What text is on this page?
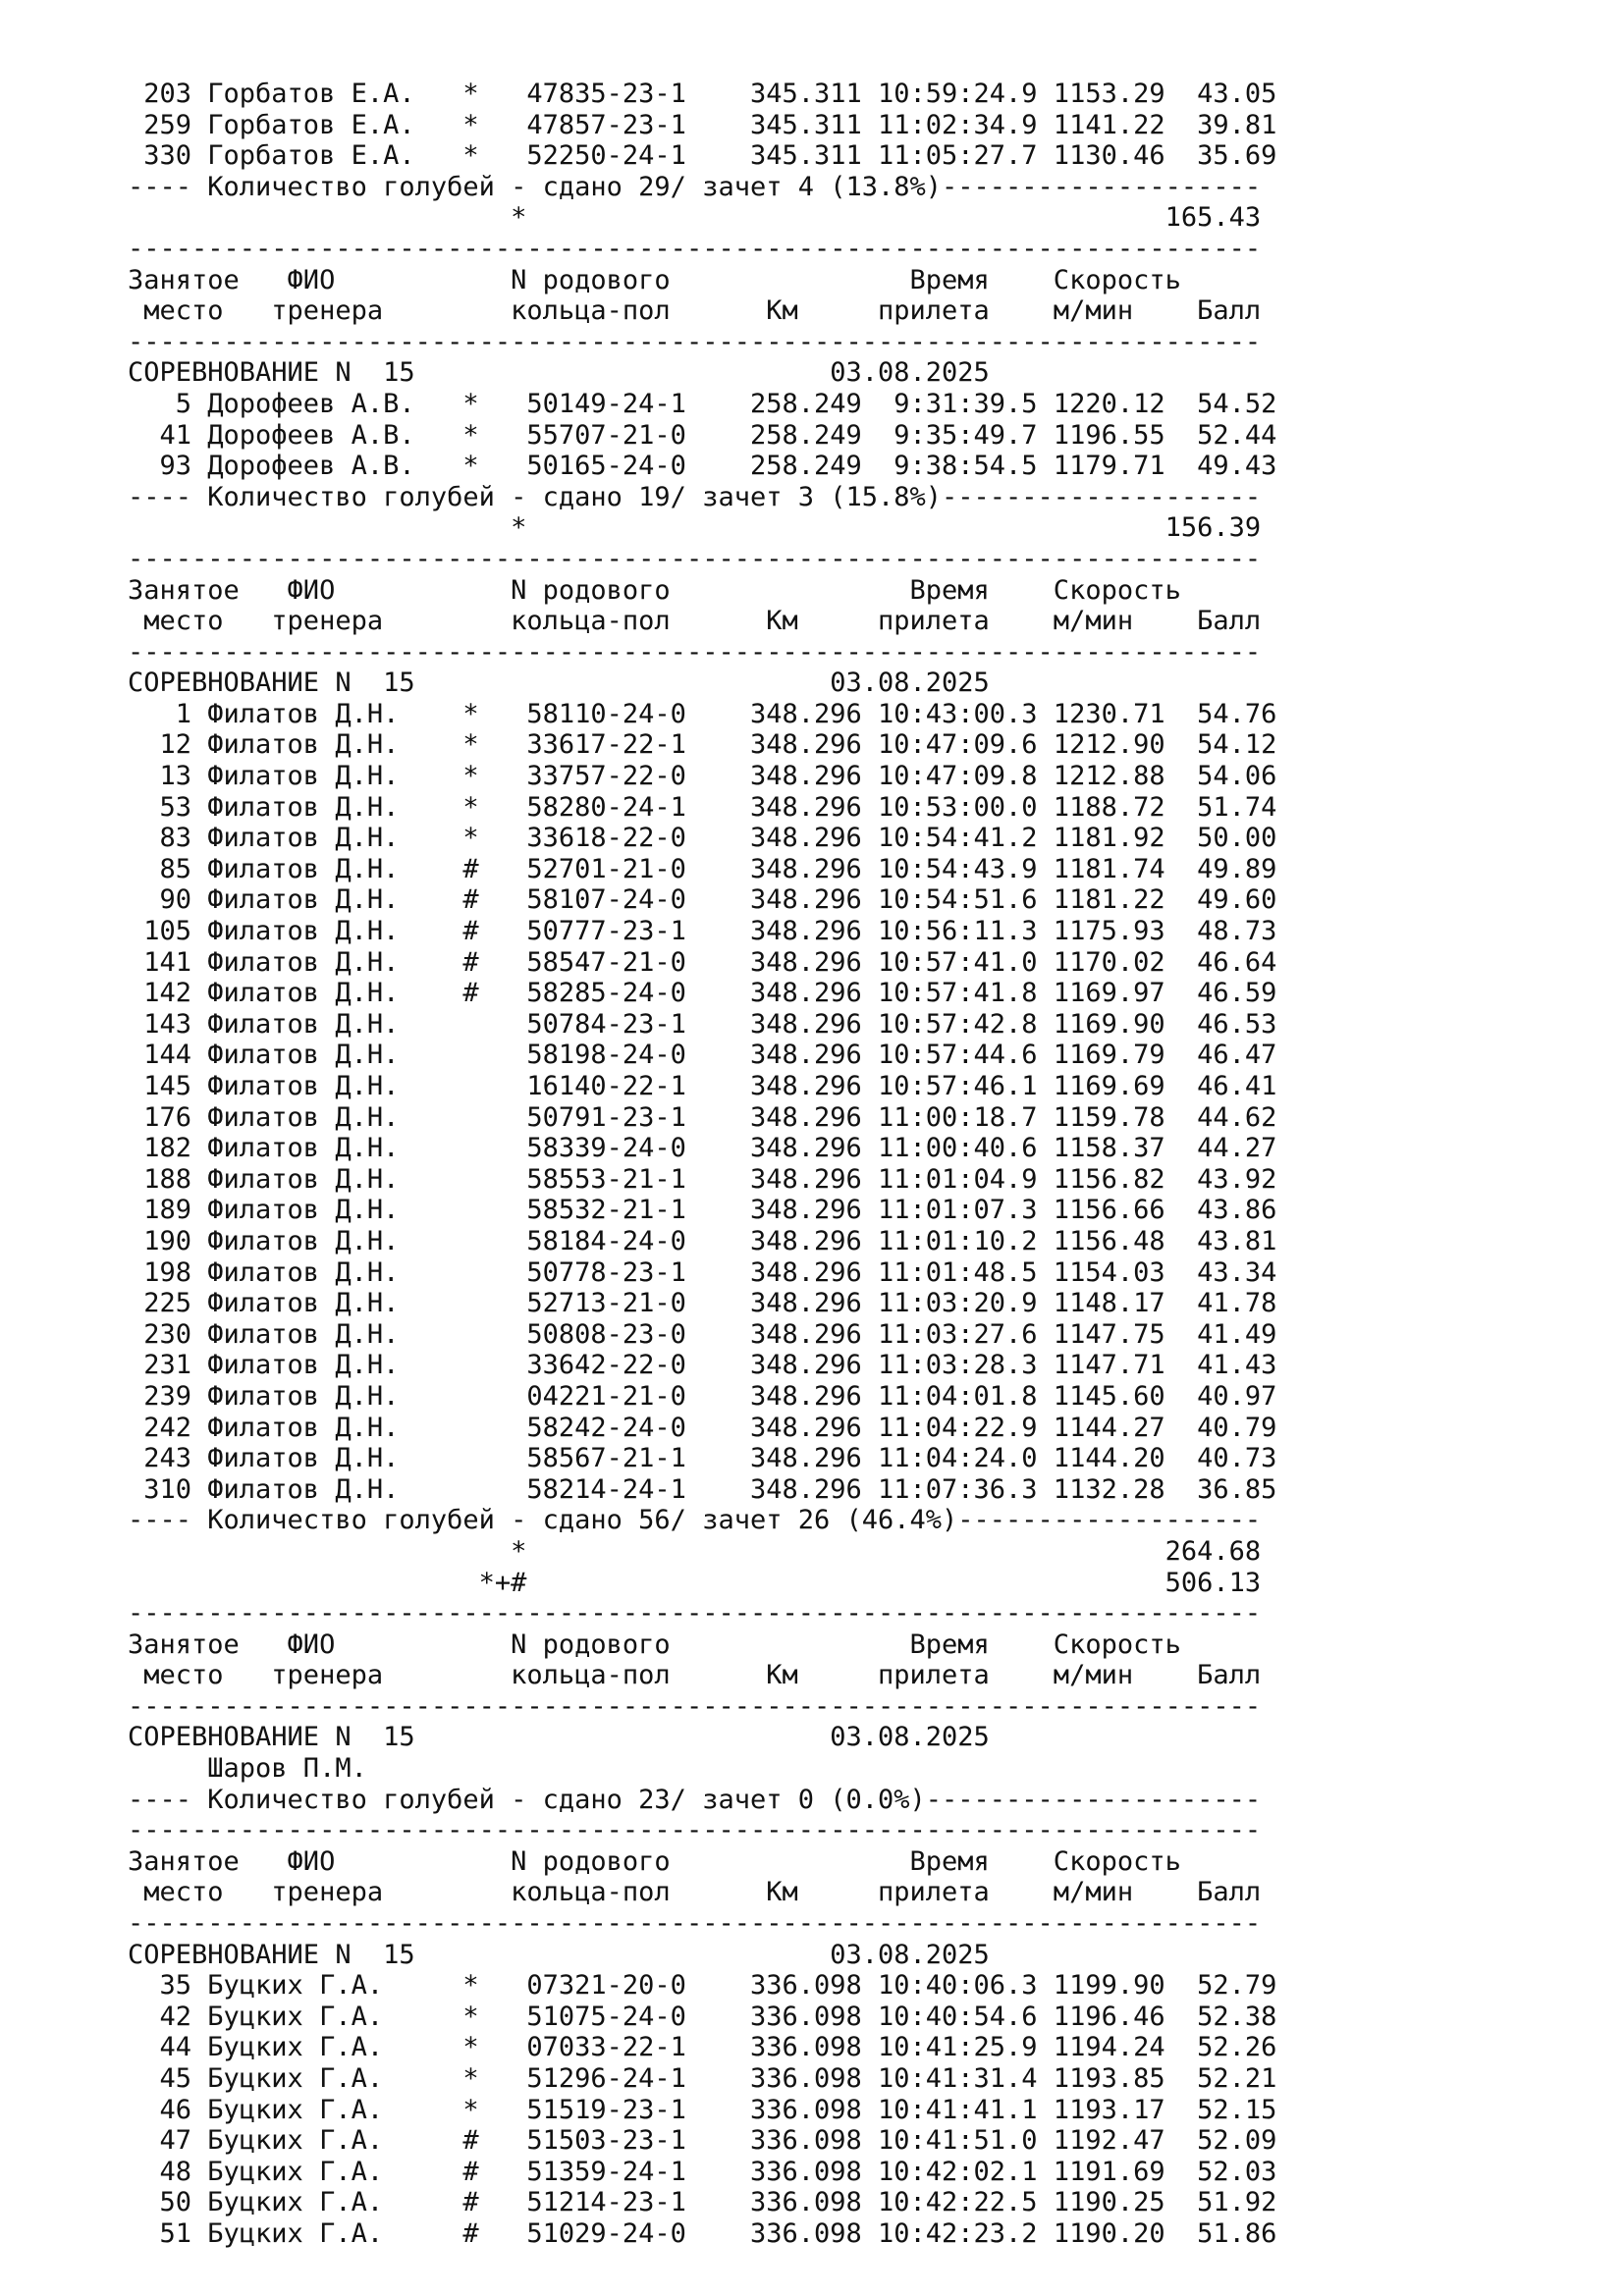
203 Горбатов Е.А.   *   47835-23-1    345.311 10:59:24.9 1153.29  43.05
259 Горбатов Е.А.   *   47857-23-1    345.311 11:02:34.9 1141.22  39.81
330 Горбатов Е.А.   *   52250-24-1    345.311 11:05:27.7 1130.46  35.69
---- Количество голубей - сдано 29/ зачет 4 (13.8%)--------------------
*                                        165.43
-----------------------------------------------------------------------
Занятое   ФИО           N родового               Время    Скорость
место   тренера        кольца-пол      Км     прилета    м/мин    Балл
-----------------------------------------------------------------------
СОРЕВНОВАНИЕ N  15                          03.08.2025
5 Дорофеев А.В.   *   50149-24-1    258.249  9:31:39.5 1220.12  54.52
41 Дорофеев А.В.   *   55707-21-0    258.249  9:35:49.7 1196.55  52.44
93 Дорофеев А.В.   *   50165-24-0    258.249  9:38:54.5 1179.71  49.43
---- Количество голубей - сдано 19/ зачет 3 (15.8%)--------------------
*                                        156.39
-----------------------------------------------------------------------
Занятое   ФИО           N родового               Время    Скорость
место   тренера        кольца-пол      Км     прилета    м/мин    Балл
-----------------------------------------------------------------------
СОРЕВНОВАНИЕ N  15                          03.08.2025
1 Филатов Д.Н.    *   58110-24-0    348.296 10:43:00.3 1230.71  54.76
12 Филатов Д.Н.    *   33617-22-1    348.296 10:47:09.6 1212.90  54.12
13 Филатов Д.Н.    *   33757-22-0    348.296 10:47:09.8 1212.88  54.06
53 Филатов Д.Н.    *   58280-24-1    348.296 10:53:00.0 1188.72  51.74
83 Филатов Д.Н.    *   33618-22-0    348.296 10:54:41.2 1181.92  50.00
85 Филатов Д.Н.    #   52701-21-0    348.296 10:54:43.9 1181.74  49.89
90 Филатов Д.Н.    #   58107-24-0    348.296 10:54:51.6 1181.22  49.60
105 Филатов Д.Н.    #   50777-23-1    348.296 10:56:11.3 1175.93  48.73
141 Филатов Д.Н.    #   58547-21-0    348.296 10:57:41.0 1170.02  46.64
142 Филатов Д.Н.    #   58285-24-0    348.296 10:57:41.8 1169.97  46.59
143 Филатов Д.Н.        50784-23-1    348.296 10:57:42.8 1169.90  46.53
144 Филатов Д.Н.        58198-24-0    348.296 10:57:44.6 1169.79  46.47
145 Филатов Д.Н.        16140-22-1    348.296 10:57:46.1 1169.69  46.41
176 Филатов Д.Н.        50791-23-1    348.296 11:00:18.7 1159.78  44.62
182 Филатов Д.Н.        58339-24-0    348.296 11:00:40.6 1158.37  44.27
188 Филатов Д.Н.        58553-21-1    348.296 11:01:04.9 1156.82  43.92
189 Филатов Д.Н.        58532-21-1    348.296 11:01:07.3 1156.66  43.86
190 Филатов Д.Н.        58184-24-0    348.296 11:01:10.2 1156.48  43.81
198 Филатов Д.Н.        50778-23-1    348.296 11:01:48.5 1154.03  43.34
225 Филатов Д.Н.        52713-21-0    348.296 11:03:20.9 1148.17  41.78
230 Филатов Д.Н.        50808-23-0    348.296 11:03:27.6 1147.75  41.49
231 Филатов Д.Н.        33642-22-0    348.296 11:03:28.3 1147.71  41.43
239 Филатов Д.Н.        04221-21-0    348.296 11:04:01.8 1145.60  40.97
242 Филатов Д.Н.        58242-24-0    348.296 11:04:22.9 1144.27  40.79
243 Филатов Д.Н.        58567-21-1    348.296 11:04:24.0 1144.20  40.73
310 Филатов Д.Н.        58214-24-1    348.296 11:07:36.3 1132.28  36.85
---- Количество голубей - сдано 56/ зачет 26 (46.4%)-------------------
*                                        264.68
*+#                                        506.13
-----------------------------------------------------------------------
Занятое   ФИО           N родового               Время    Скорость
место   тренера        кольца-пол      Км     прилета    м/мин    Балл
-----------------------------------------------------------------------
СОРЕВНОВАНИЕ N  15                          03.08.2025
Шаров П.М.
---- Количество голубей - сдано 23/ зачет 0 (0.0%)---------------------
-----------------------------------------------------------------------
Занятое   ФИО           N родового               Время    Скорость
место   тренера        кольца-пол      Км     прилета    м/мин    Балл
-----------------------------------------------------------------------
СОРЕВНОВАНИЕ N  15                          03.08.2025
35 Буцких Г.А.     *   07321-20-0    336.098 10:40:06.3 1199.90  52.79
42 Буцких Г.А.     *   51075-24-0    336.098 10:40:54.6 1196.46  52.38
44 Буцких Г.А.     *   07033-22-1    336.098 10:41:25.9 1194.24  52.26
45 Буцких Г.А.     *   51296-24-1    336.098 10:41:31.4 1193.85  52.21
46 Буцких Г.А.     *   51519-23-1    336.098 10:41:41.1 1193.17  52.15
47 Буцких Г.А.     #   51503-23-1    336.098 10:41:51.0 1192.47  52.09
48 Буцких Г.А.     #   51359-24-1    336.098 10:42:02.1 1191.69  52.03
50 Буцких Г.А.     #   51214-23-1    336.098 10:42:22.5 1190.25  51.92
51 Буцких Г.А.     #   51029-24-0    336.098 10:42:23.2 1190.20  51.86
